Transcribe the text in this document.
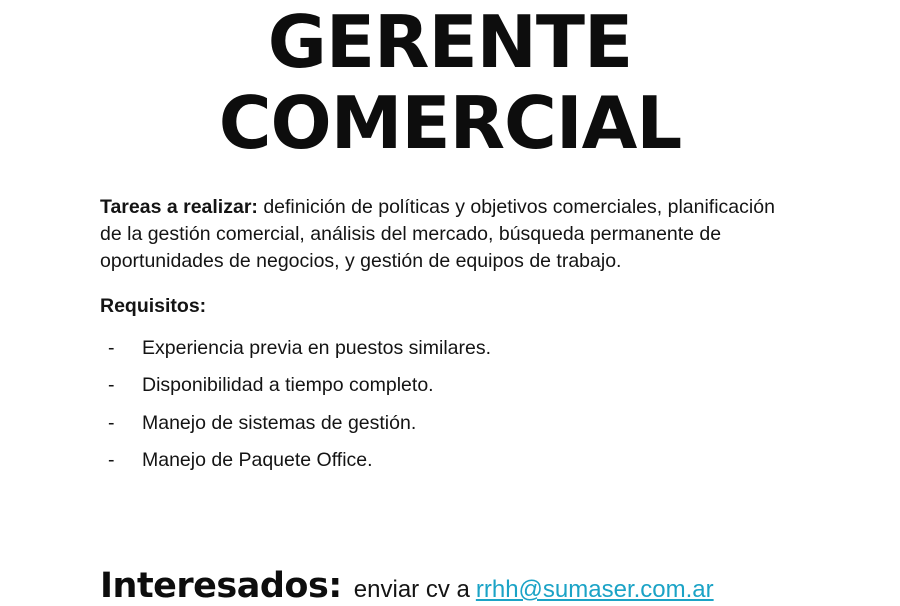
GERENTE
COMERCIAL

Tareas a realizar: definición de políticas y objetivos comerciales, planificación de la gestión comercial, análisis del mercado, búsqueda permanente de oportunidades de negocios, y gestión de equipos de trabajo.

Requisitos:

-	Experiencia previa en puestos similares.
-	Disponibilidad a tiempo completo.
-	Manejo de sistemas de gestión.
-	Manejo de Paquete Office.
Interesados: enviar cv a rrhh@sumaser.com.ar
